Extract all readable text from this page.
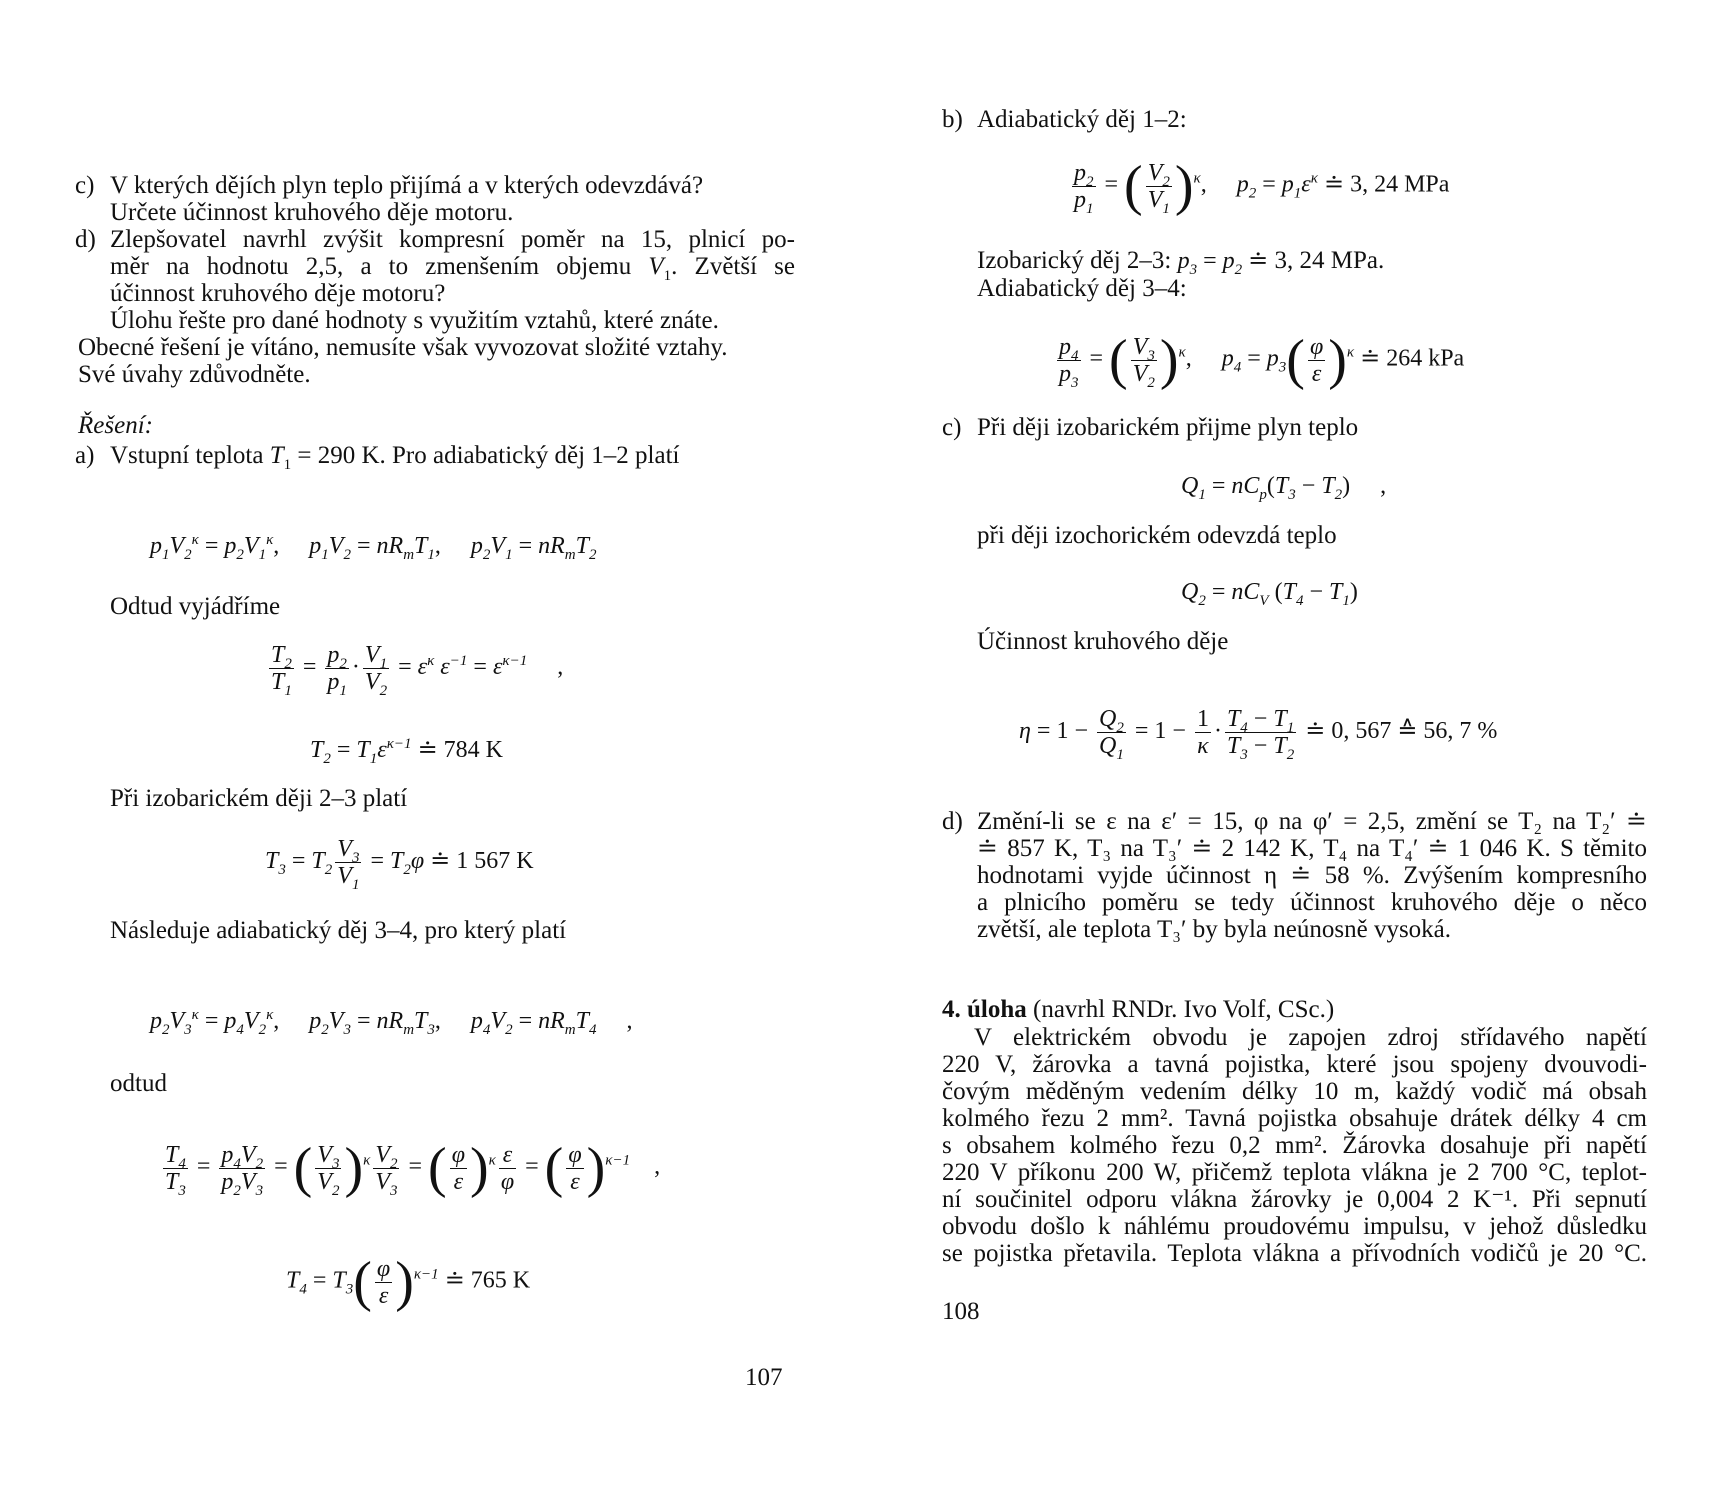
c) V kterých dějích plyn teplo přijímá a v kterých odevzdává?
Určete účinnost kruhového děje motoru.
d) Zlepšovatel navrhl zvýšit kompresní poměr na 15, plnicí po-
měr na hodnotu 2,5, a to zmenšením objemu $V_1$. Zvětší se
účinnost kruhového děje motoru?
Úlohu řešte pro dané hodnoty s využitím vztahů, které znáte.
Obecné řešení je vítáno, nemusíte však vyvozovat složité vztahy.
Své úvahy zdůvodněte.
Řešení:
a) Vstupní teplota $T_1 = 290$ K. Pro adiabatický děj 1–2 platí
$p_1V_2^\kappa = p_2V_1^\kappa$,     $p_1V_2 = nR_mT_1$,     $p_2V_1 = nR_mT_2$
Odtud vyjádříme
$\frac{T_2}{T_1} = \frac{p_2}{p_1} \cdot \frac{V_1}{V_2} = \varepsilon^\kappa$ $\varepsilon^{-1} = \varepsilon^{\kappa-1}$ ,
$T_2 = T_1\varepsilon^{\kappa-1}$ ≐ 784 K
Při izobarickém ději 2–3 platí
$T_3 = T_2 \frac{V_3}{V_1} = T_2\varphi$ ≐ 1 567 K
Následuje adiabatický děj 3–4, pro který platí
$p_2V_3^\kappa = p_4V_2^\kappa$,     $p_2V_3 = nR_mT_3$,     $p_4V_2 = nR_mT_4$ ,
odtud
$\frac{T_4}{T_3} = \frac{p_4V_2}{p_2V_3}$ = ( $\frac{V_3}{V_2} )^\kappa \frac{V_2}{V_3}$ = ( $\frac{\varphi}{\varepsilon} )^\kappa \frac{\varepsilon}{\varphi}$ = ( $\frac{\varphi}{\varepsilon} )^{\kappa-1}$ ,
$T_4 = T_3( \frac{\varphi}{\varepsilon} )^{\kappa-1}$ ≐ 765 K
107
b) Adiabatický děj 1–2:
$\frac{p_2}{p_1}$ = ( $\frac{V_2}{V_1} )^\kappa$,     $p_2 = p_1\varepsilon^\kappa$ ≐ 3, 24 MPa
Izobarický děj 2–3: $p_3 = p_2$ ≐ 3, 24 MPa.
Adiabatický děj 3–4:
$\frac{p_4}{p_3}$ = ( $\frac{V_3}{V_2} )^\kappa$,     $p_4 = p_3( \frac{\varphi}{\varepsilon} )^\kappa$ ≐ 264 kPa
c) Při ději izobarickém přijme plyn teplo
$Q_1 = nC_p(T_3 - T_2)$ ,
při ději izochorickém odevzdá teplo
$Q_2 = nC_V$ $(T_4 - T_1)$
Účinnost kruhového děje
$\eta = 1 - \frac{Q_2}{Q_1} = 1 - \frac{1}{\kappa} \cdot \frac{T_4 - T_1}{T_3 - T_2}$ ≐ 0, 567 ≙ 56, 7 %
d) Změní-li se ε na ε′ = 15, φ na φ′ = 2,5, změní se T₂ na T₂′ ≐
≐ 857 K, T₃ na T₃′ ≐ 2 142 K, T₄ na T₄′ ≐ 1 046 K. S těmito
hodnotami vyjde účinnost η ≐ 58 %. Zvýšením kompresního
a plnicího poměru se tedy účinnost kruhového děje o něco
zvětší, ale teplota T₃′ by byla neúnosně vysoká.
4. úloha (navrhl RNDr. Ivo Volf, CSc.)
V elektrickém obvodu je zapojen zdroj střídavého napětí
220 V, žárovka a tavná pojistka, které jsou spojeny dvouvodi-
čovým měděným vedením délky 10 m, každý vodič má obsah
kolmého řezu 2 mm². Tavná pojistka obsahuje drátek délky 4 cm
s obsahem kolmého řezu 0,2 mm². Žárovka dosahuje při napětí
220 V příkonu 200 W, přičemž teplota vlákna je 2 700 °C, teplot-
ní součinitel odporu vlákna žárovky je 0,004 2 K⁻¹. Při sepnutí
obvodu došlo k náhlému proudovému impulsu, v jehož důsledku
se pojistka přetavila. Teplota vlákna a přívodních vodičů je 20 °C.
108
